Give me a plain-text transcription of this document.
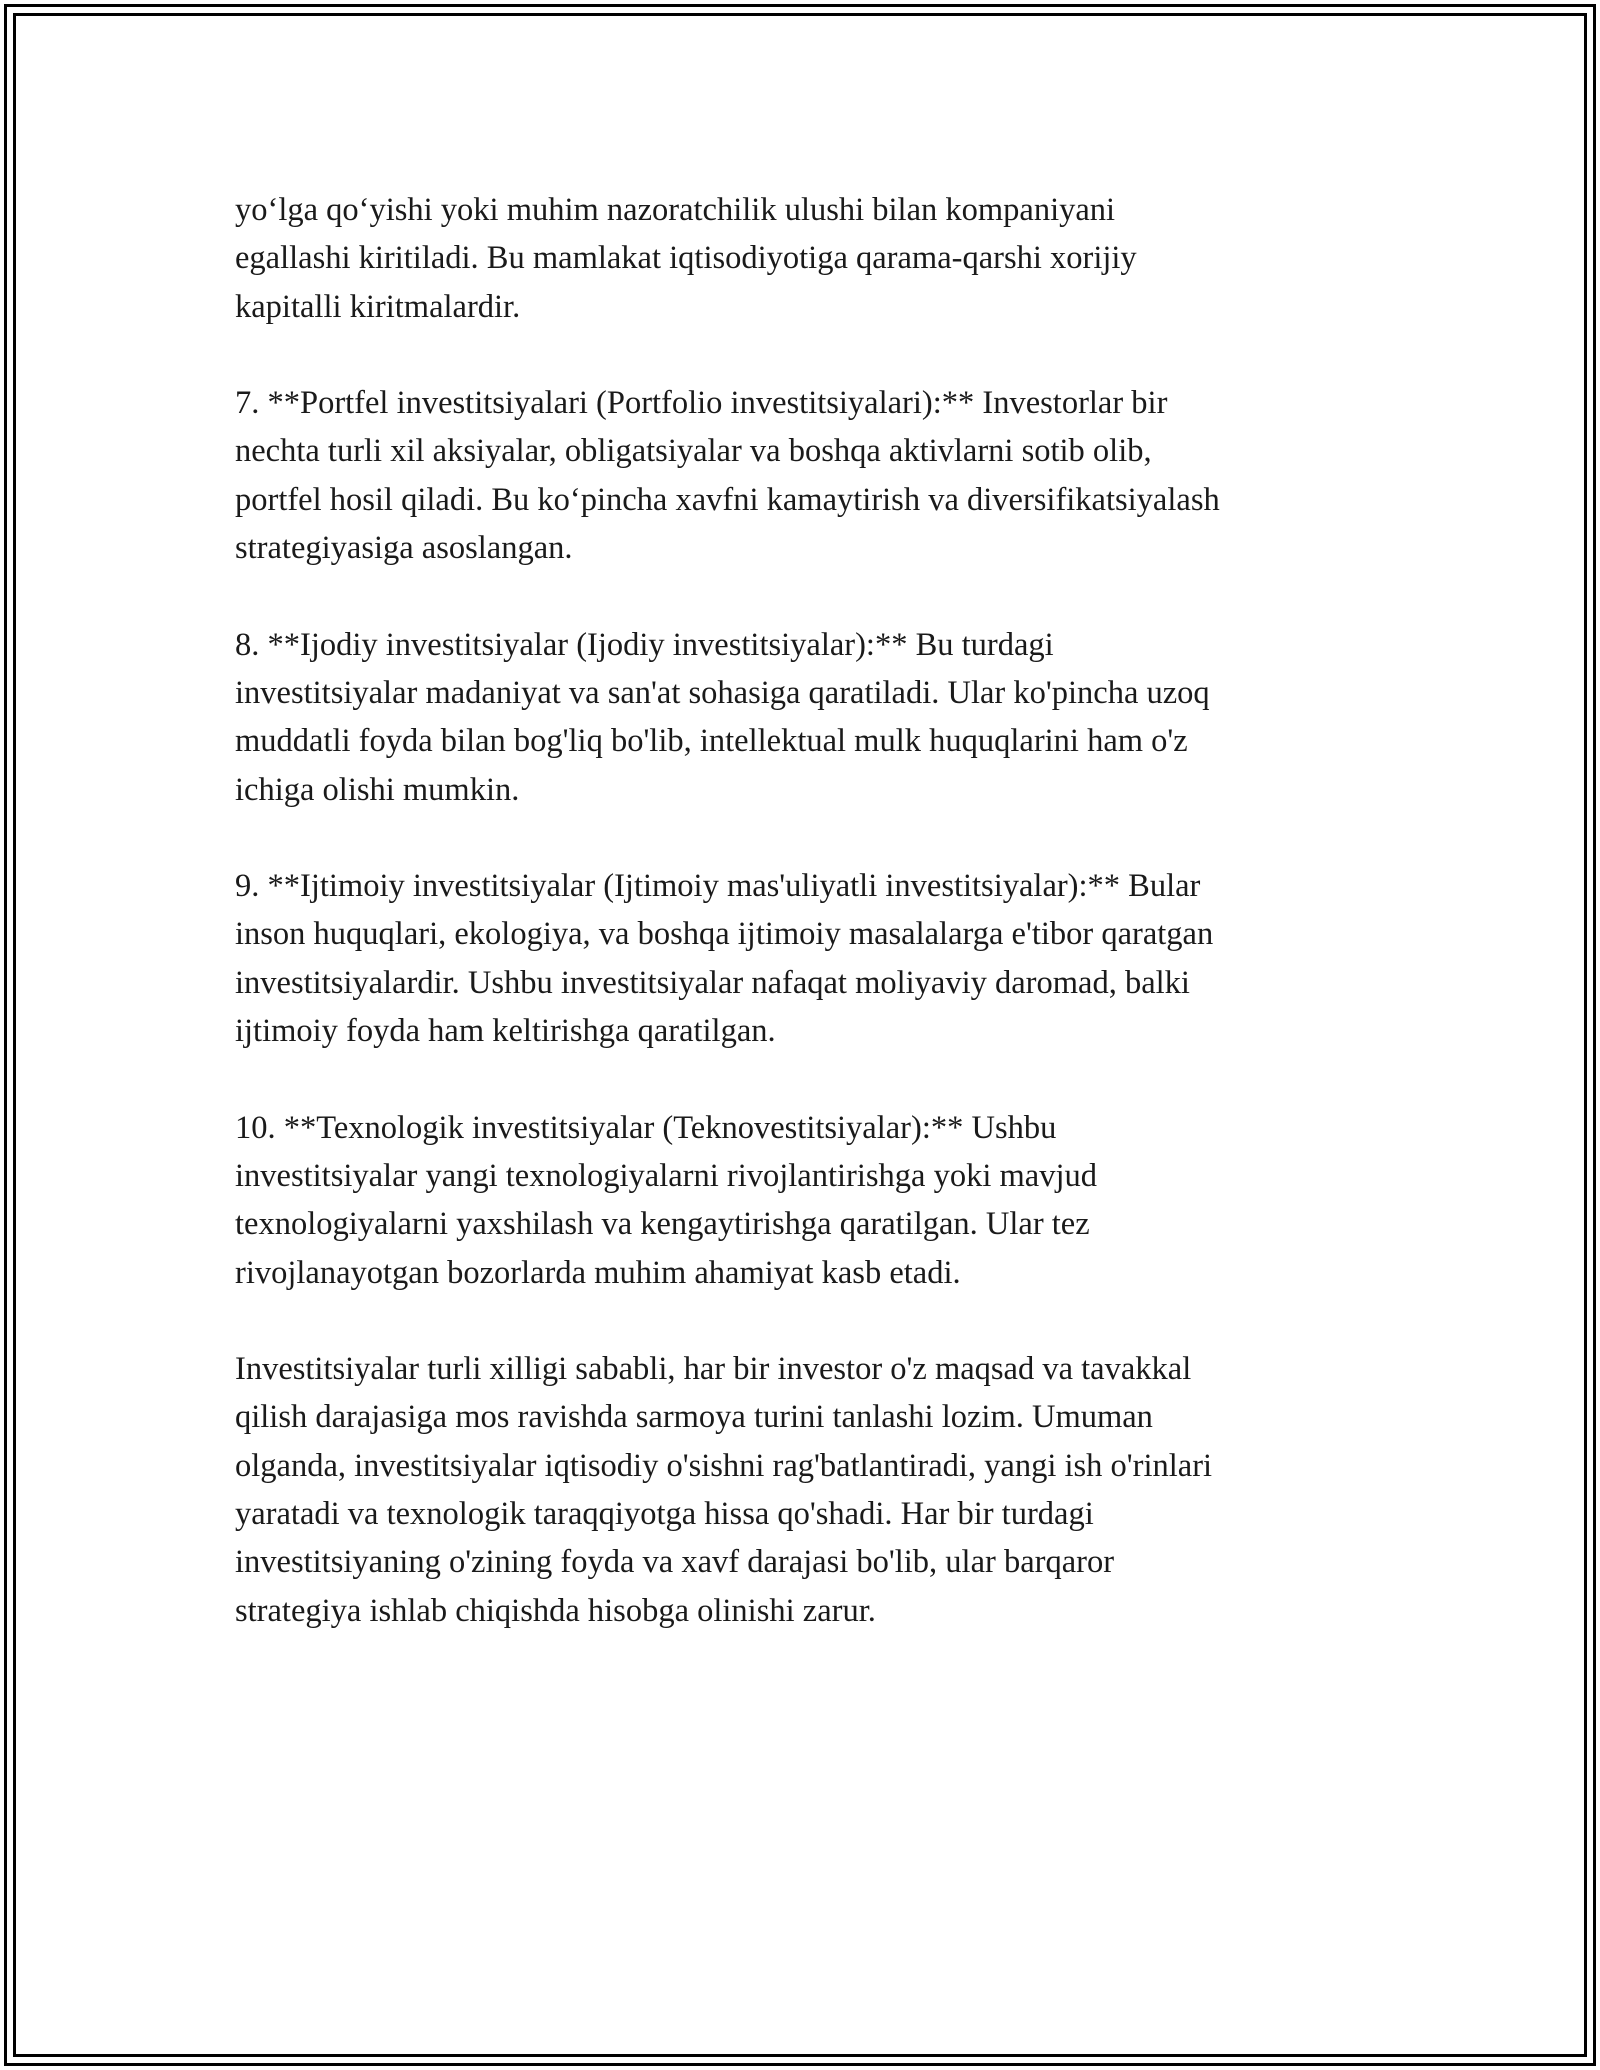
yo‘lga qo‘yishi yoki muhim nazoratchilik ulushi bilan kompaniyani
egallashi kiritiladi. Bu mamlakat iqtisodiyotiga qarama-qarshi xorijiy
kapitalli kiritmalardir.

7. **Portfel investitsiyalari (Portfolio investitsiyalari):** Investorlar bir
nechta turli xil aksiyalar, obligatsiyalar va boshqa aktivlarni sotib olib,
portfel hosil qiladi. Bu ko‘pincha xavfni kamaytirish va diversifikatsiyalash
strategiyasiga asoslangan.

8. **Ijodiy investitsiyalar (Ijodiy investitsiyalar):** Bu turdagi
investitsiyalar madaniyat va san'at sohasiga qaratiladi. Ular ko'pincha uzoq
muddatli foyda bilan bog'liq bo'lib, intellektual mulk huquqlarini ham o'z
ichiga olishi mumkin.

9. **Ijtimoiy investitsiyalar (Ijtimoiy mas'uliyatli investitsiyalar):** Bular
inson huquqlari, ekologiya, va boshqa ijtimoiy masalalarga e'tibor qaratgan
investitsiyalardir. Ushbu investitsiyalar nafaqat moliyaviy daromad, balki
ijtimoiy foyda ham keltirishga qaratilgan.

10. **Texnologik investitsiyalar (Teknovestitsiyalar):** Ushbu
investitsiyalar yangi texnologiyalarni rivojlantirishga yoki mavjud
texnologiyalarni yaxshilash va kengaytirishga qaratilgan. Ular tez
rivojlanayotgan bozorlarda muhim ahamiyat kasb etadi.

Investitsiyalar turli xilligi sababli, har bir investor o'z maqsad va tavakkal
qilish darajasiga mos ravishda sarmoya turini tanlashi lozim. Umuman
olganda, investitsiyalar iqtisodiy o'sishni rag'batlantiradi, yangi ish o'rinlari
yaratadi va texnologik taraqqiyotga hissa qo'shadi. Har bir turdagi
investitsiyaning o'zining foyda va xavf darajasi bo'lib, ular barqaror
strategiya ishlab chiqishda hisobga olinishi zarur.
